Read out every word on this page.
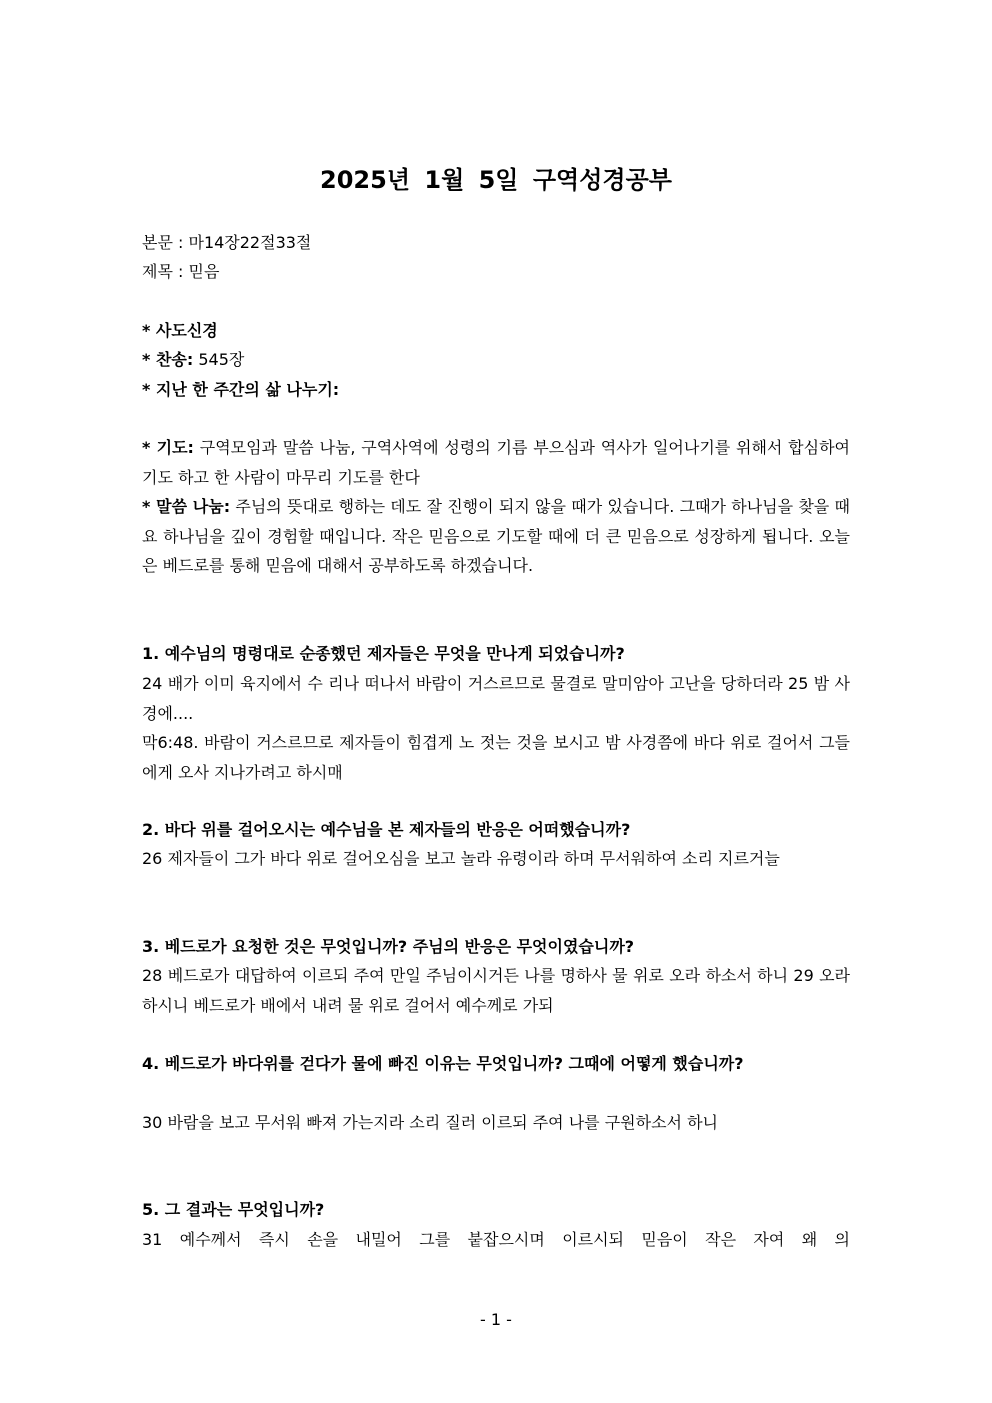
2025년 1월 5일 구역성경공부
본문 : 마14장22절33절
제목 : 믿음
* 사도신경
* 찬송: 545장
* 지난 한 주간의 삶 나누기:
* 기도: 구역모임과 말씀 나눔, 구역사역에 성령의 기름 부으심과 역사가 일어나기를 위해서 합심하여 기도 하고 한 사람이 마무리 기도를 한다
* 말씀 나눔: 주님의 뜻대로 행하는 데도 잘 진행이 되지 않을 때가 있습니다. 그때가 하나님을 찾을 때요 하나님을 깊이 경험할 때입니다. 작은 믿음으로 기도할 때에 더 큰 믿음으로 성장하게 됩니다. 오늘은 베드로를 통해 믿음에 대해서 공부하도록 하겠습니다.
1. 예수님의 명령대로 순종했던 제자들은 무엇을 만나게 되었습니까?
24 배가 이미 육지에서 수 리나 떠나서 바람이 거스르므로 물결로 말미암아 고난을 당하더라 25 밤 사경에....
막6:48. 바람이 거스르므로 제자들이 힘겹게 노 젓는 것을 보시고 밤 사경쯤에 바다 위로 걸어서 그들에게 오사 지나가려고 하시매
2. 바다 위를 걸어오시는 예수님을 본 제자들의 반응은 어떠했습니까?
26 제자들이 그가 바다 위로 걸어오심을 보고 놀라 유령이라 하며 무서워하여 소리 지르거늘
3. 베드로가 요청한 것은 무엇입니까? 주님의 반응은 무엇이였습니까?
28 베드로가 대답하여 이르되 주여 만일 주님이시거든 나를 명하사 물 위로 오라 하소서 하니 29 오라 하시니 베드로가 배에서 내려 물 위로 걸어서 예수께로 가되
4. 베드로가 바다위를 걷다가 물에 빠진 이유는 무엇입니까? 그때에 어떻게 했습니까?
30 바람을 보고 무서워 빠져 가는지라 소리 질러 이르되 주여 나를 구원하소서 하니
5. 그 결과는 무엇입니까?
31 예수께서 즉시 손을 내밀어 그를 붙잡으시며 이르시되 믿음이 작은 자여 왜 의
- 1 -
